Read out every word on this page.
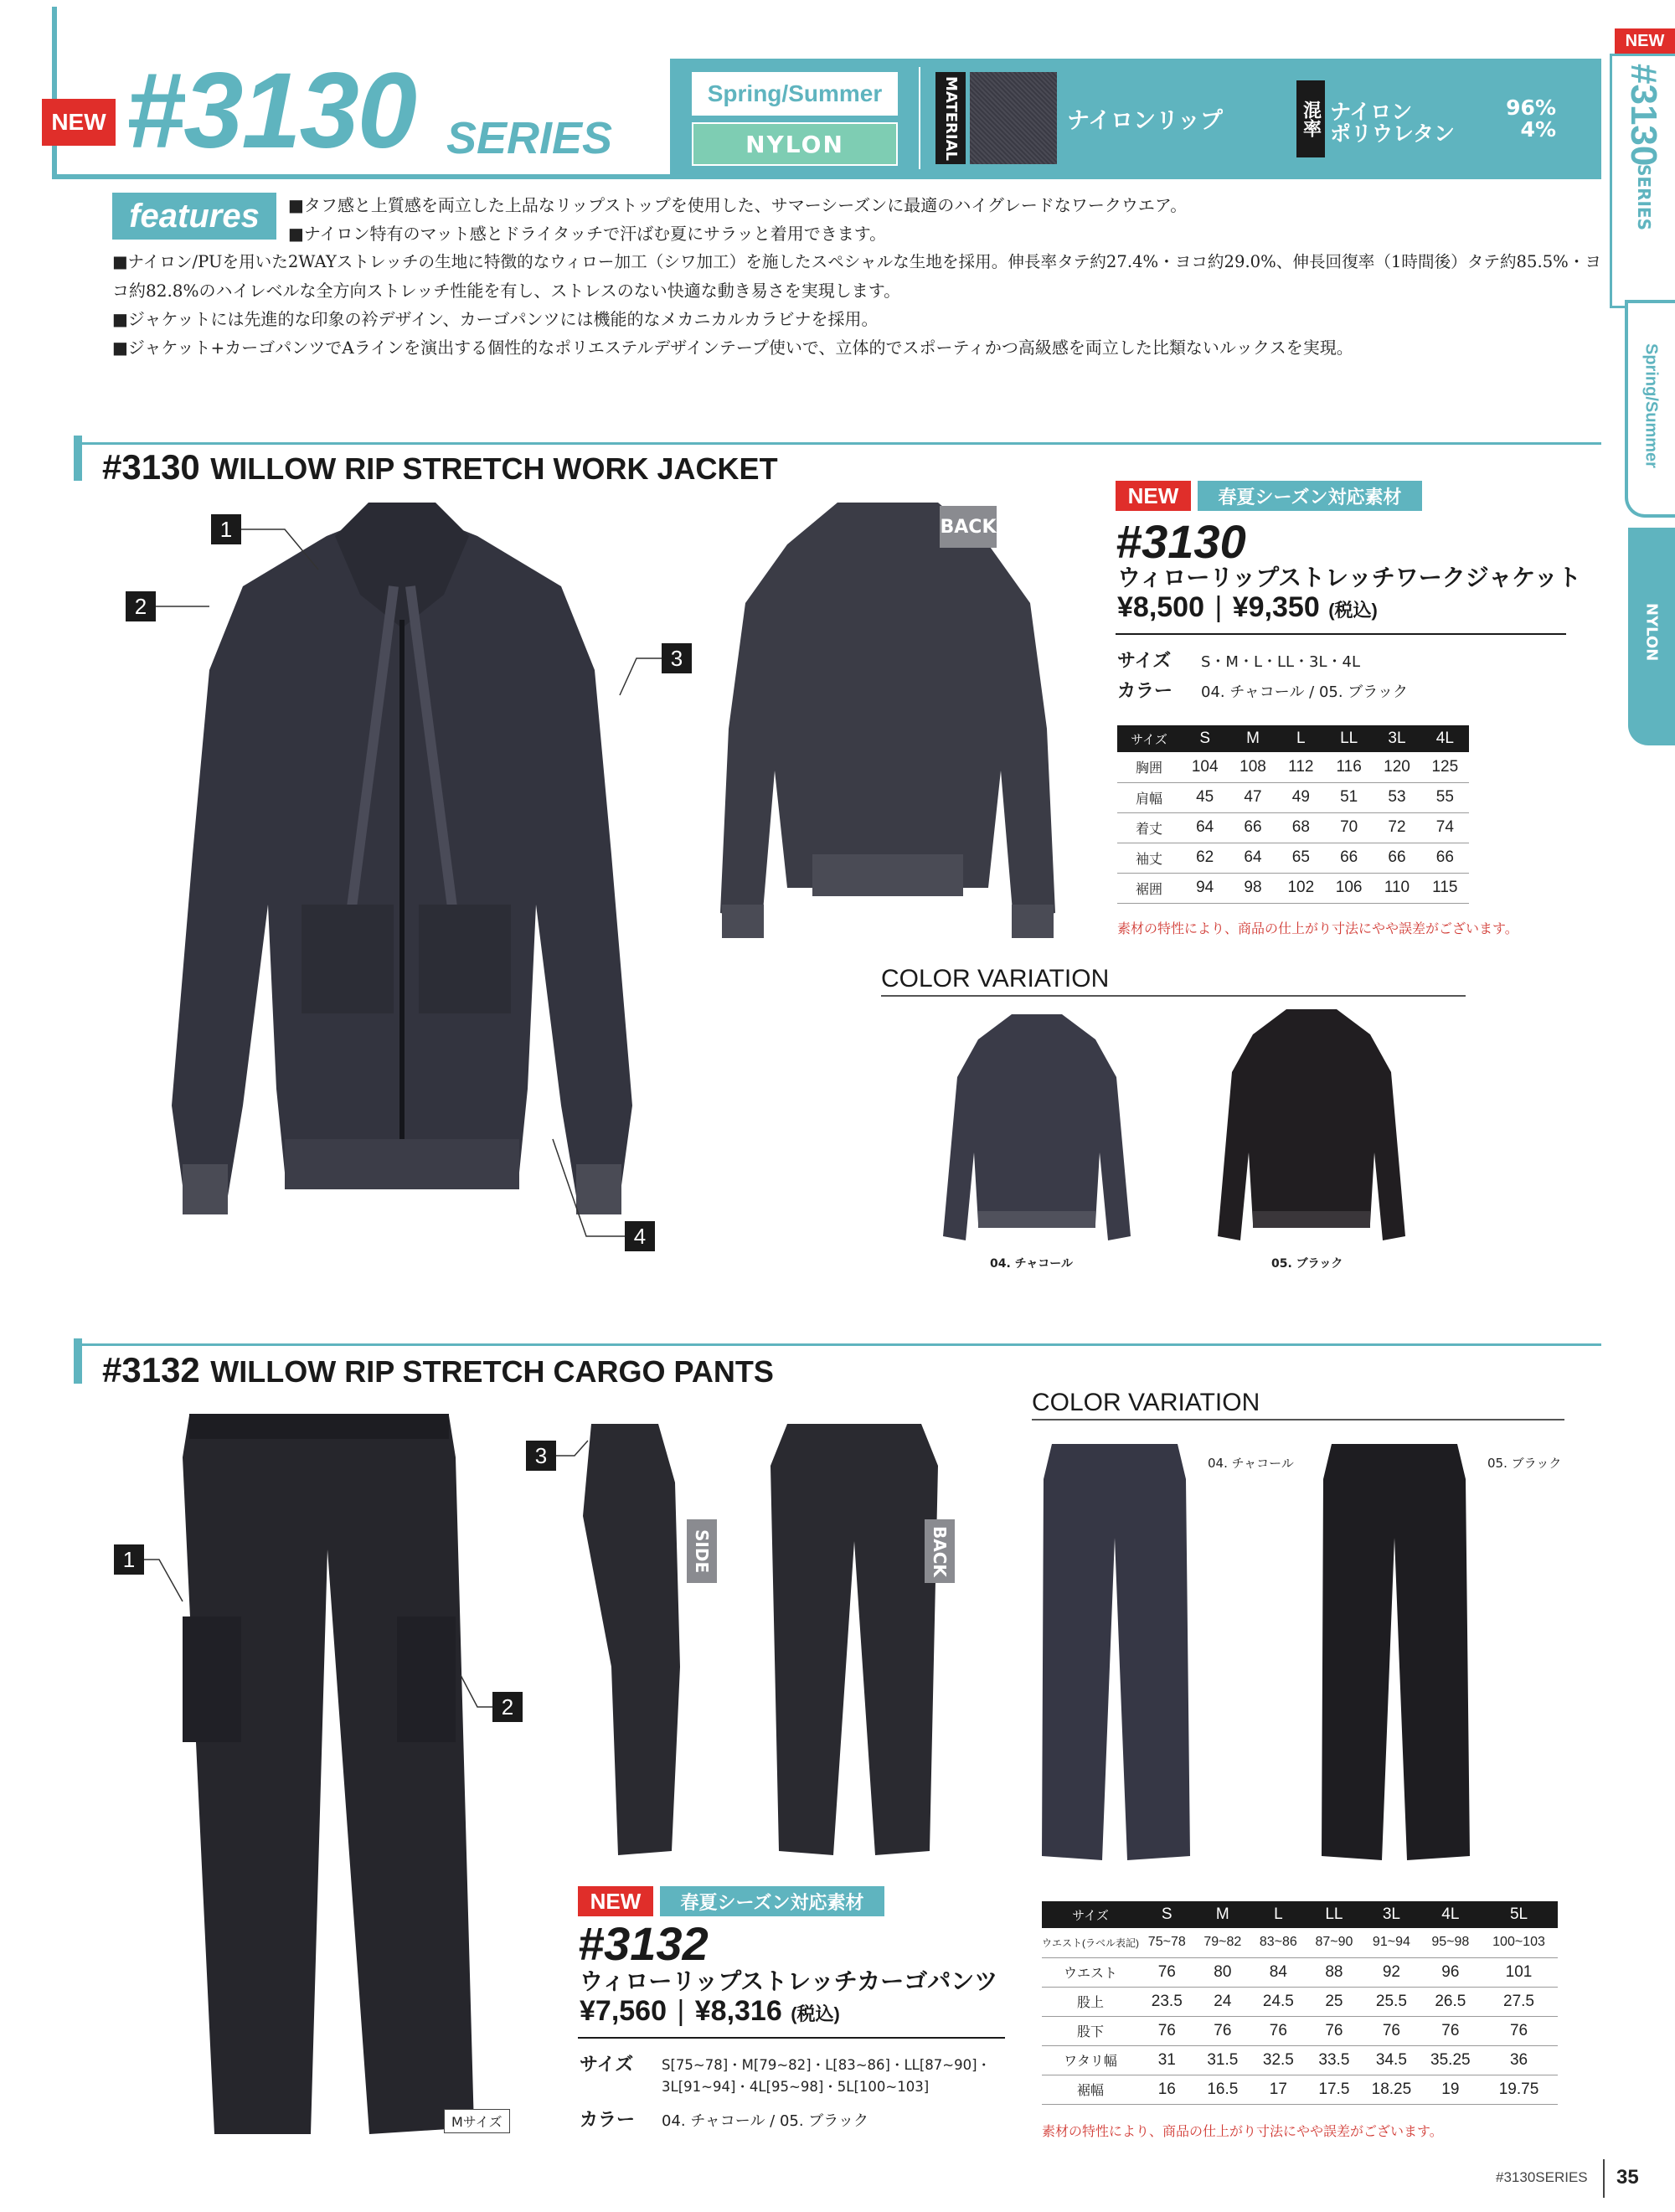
NEW #3130 SERIES
Spring/Summer
NYLON	MATERIAL	ナイロンリップ	混率 ナイロン	96%
ポリウレタン	4%
features	■タフ感と上質感を両立した上品なリップストップを使用した、サマーシーズンに最適のハイグレードなワークウエア。
■ナイロン特有のマット感とドライタッチで汗ばむ夏にサラッと着用できます。
■ナイロン/PUを用いた2WAYストレッチの生地に特徴的なウィロー加工（シワ加工）を施したスペシャルな生地を採用。伸長率タテ約27.4%・ヨコ約29.0%、伸長回復率（1時間後）タテ約85.5%・ヨ
コ約82.8%のハイレベルな全方向ストレッチ性能を有し、ストレスのない快適な動き易さを実現します。
■ジャケットには先進的な印象の衿デザイン、カーゴパンツには機能的なメカニカルカラビナを採用。
■ジャケット+カーゴパンツでAラインを演出する個性的なポリエステルデザインテープ使いで、立体的でスポーティかつ高級感を両立した比類ないルックスを実現。
NEW
#3130
SERIES
Spring/Summer
NYLON
#3130 WILLOW RIP STRETCH WORK JACKET
1
2
3
4
BACK
NEW	春夏シーズン対応素材
#3130
ウィローリップストレッチワークジャケット
¥8,500 | ¥9,350 (税込)
サイズ S・M・L・LL・3L・4L
カラー 04. チャコール / 05. ブラック
サイズ	S	M	L	LL	3L	4L
胸囲	104	108	112	116	120	125
肩幅	45	47	49	51	53	55
着丈	64	66	68	70	72	74
袖丈	62	64	65	66	66	66
裾囲	94	98	102	106	110	115
素材の特性により、商品の仕上がり寸法にやや誤差がございます。
COLOR VARIATION
04. チャコール	05. ブラック
#3132 WILLOW RIP STRETCH CARGO PANTS
1
2
3
Mサイズ
SIDE	BACK
NEW	春夏シーズン対応素材
#3132
ウィローリップストレッチカーゴパンツ
¥7,560 | ¥8,316 (税込)
サイズ S[75~78]・M[79~82]・L[83~86]・LL[87~90]・
3L[91~94]・4L[95~98]・5L[100~103]
カラー 04. チャコール / 05. ブラック
COLOR VARIATION
04. チャコール	05. ブラック
サイズ	S	M	L	LL	3L	4L	5L
ウエスト(ラベル表記)	75~78	79~82	83~86	87~90	91~94	95~98	100~103
ウエスト	76	80	84	88	92	96	101
股上	23.5	24	24.5	25	25.5	26.5	27.5
股下	76	76	76	76	76	76	76
ワタリ幅	31	31.5	32.5	33.5	34.5	35.25	36
裾幅	16	16.5	17	17.5	18.25	19	19.75
素材の特性により、商品の仕上がり寸法にやや誤差がございます。
#3130SERIES 35
